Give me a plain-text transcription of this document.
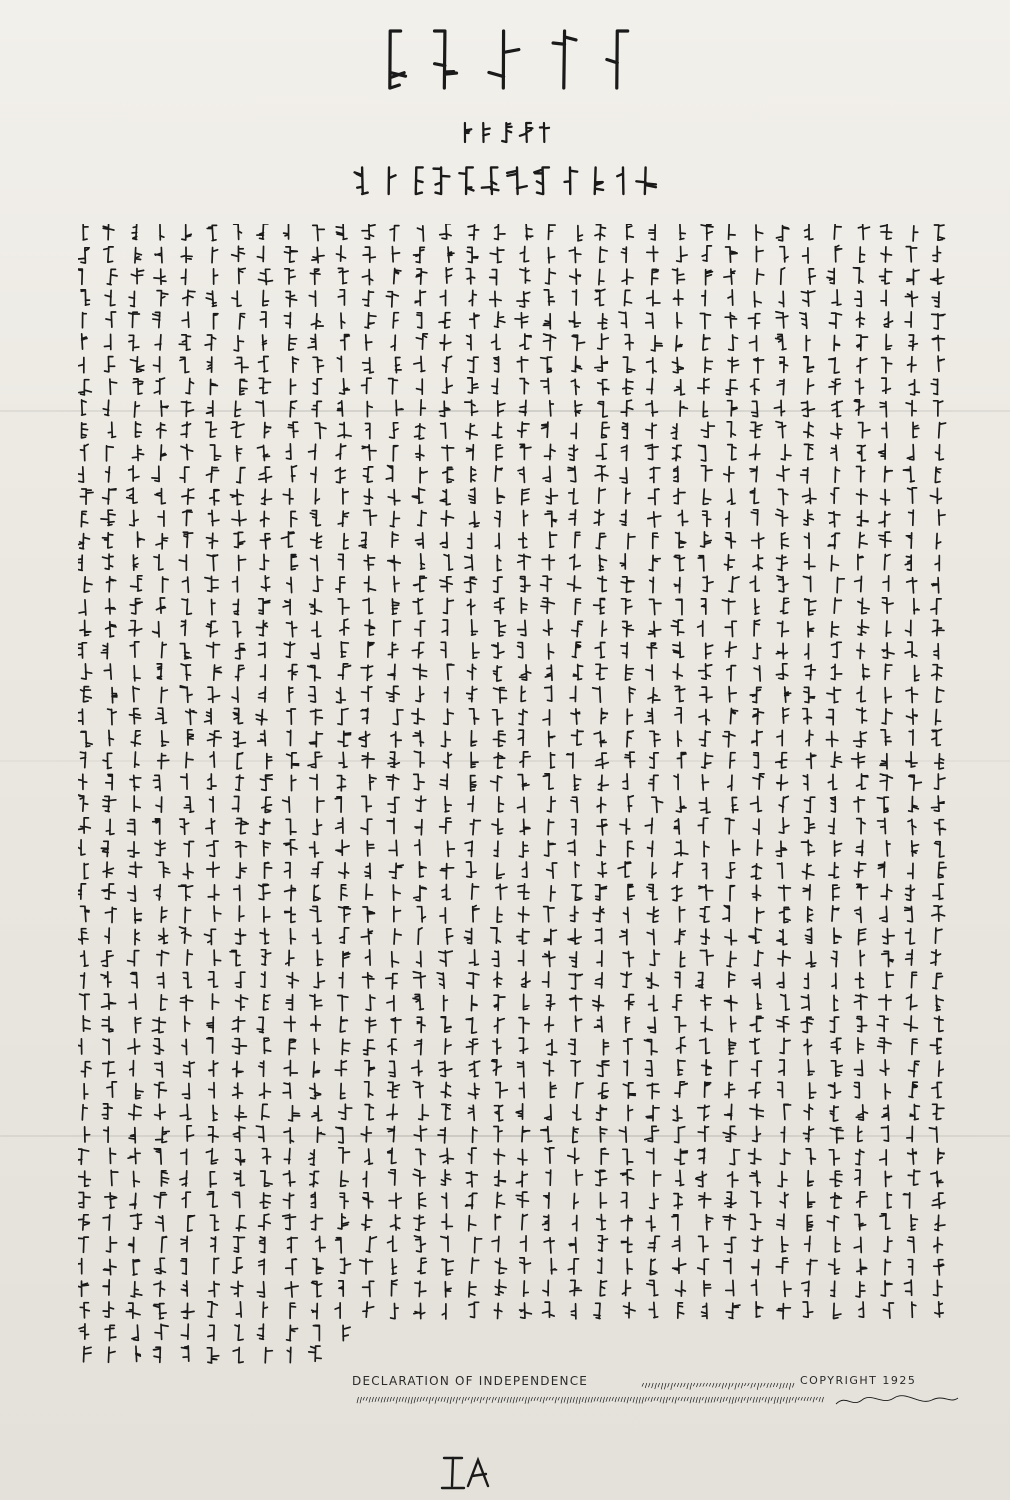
DECLARATION OF INDEPENDENCE	COPYRIGHT 1925
